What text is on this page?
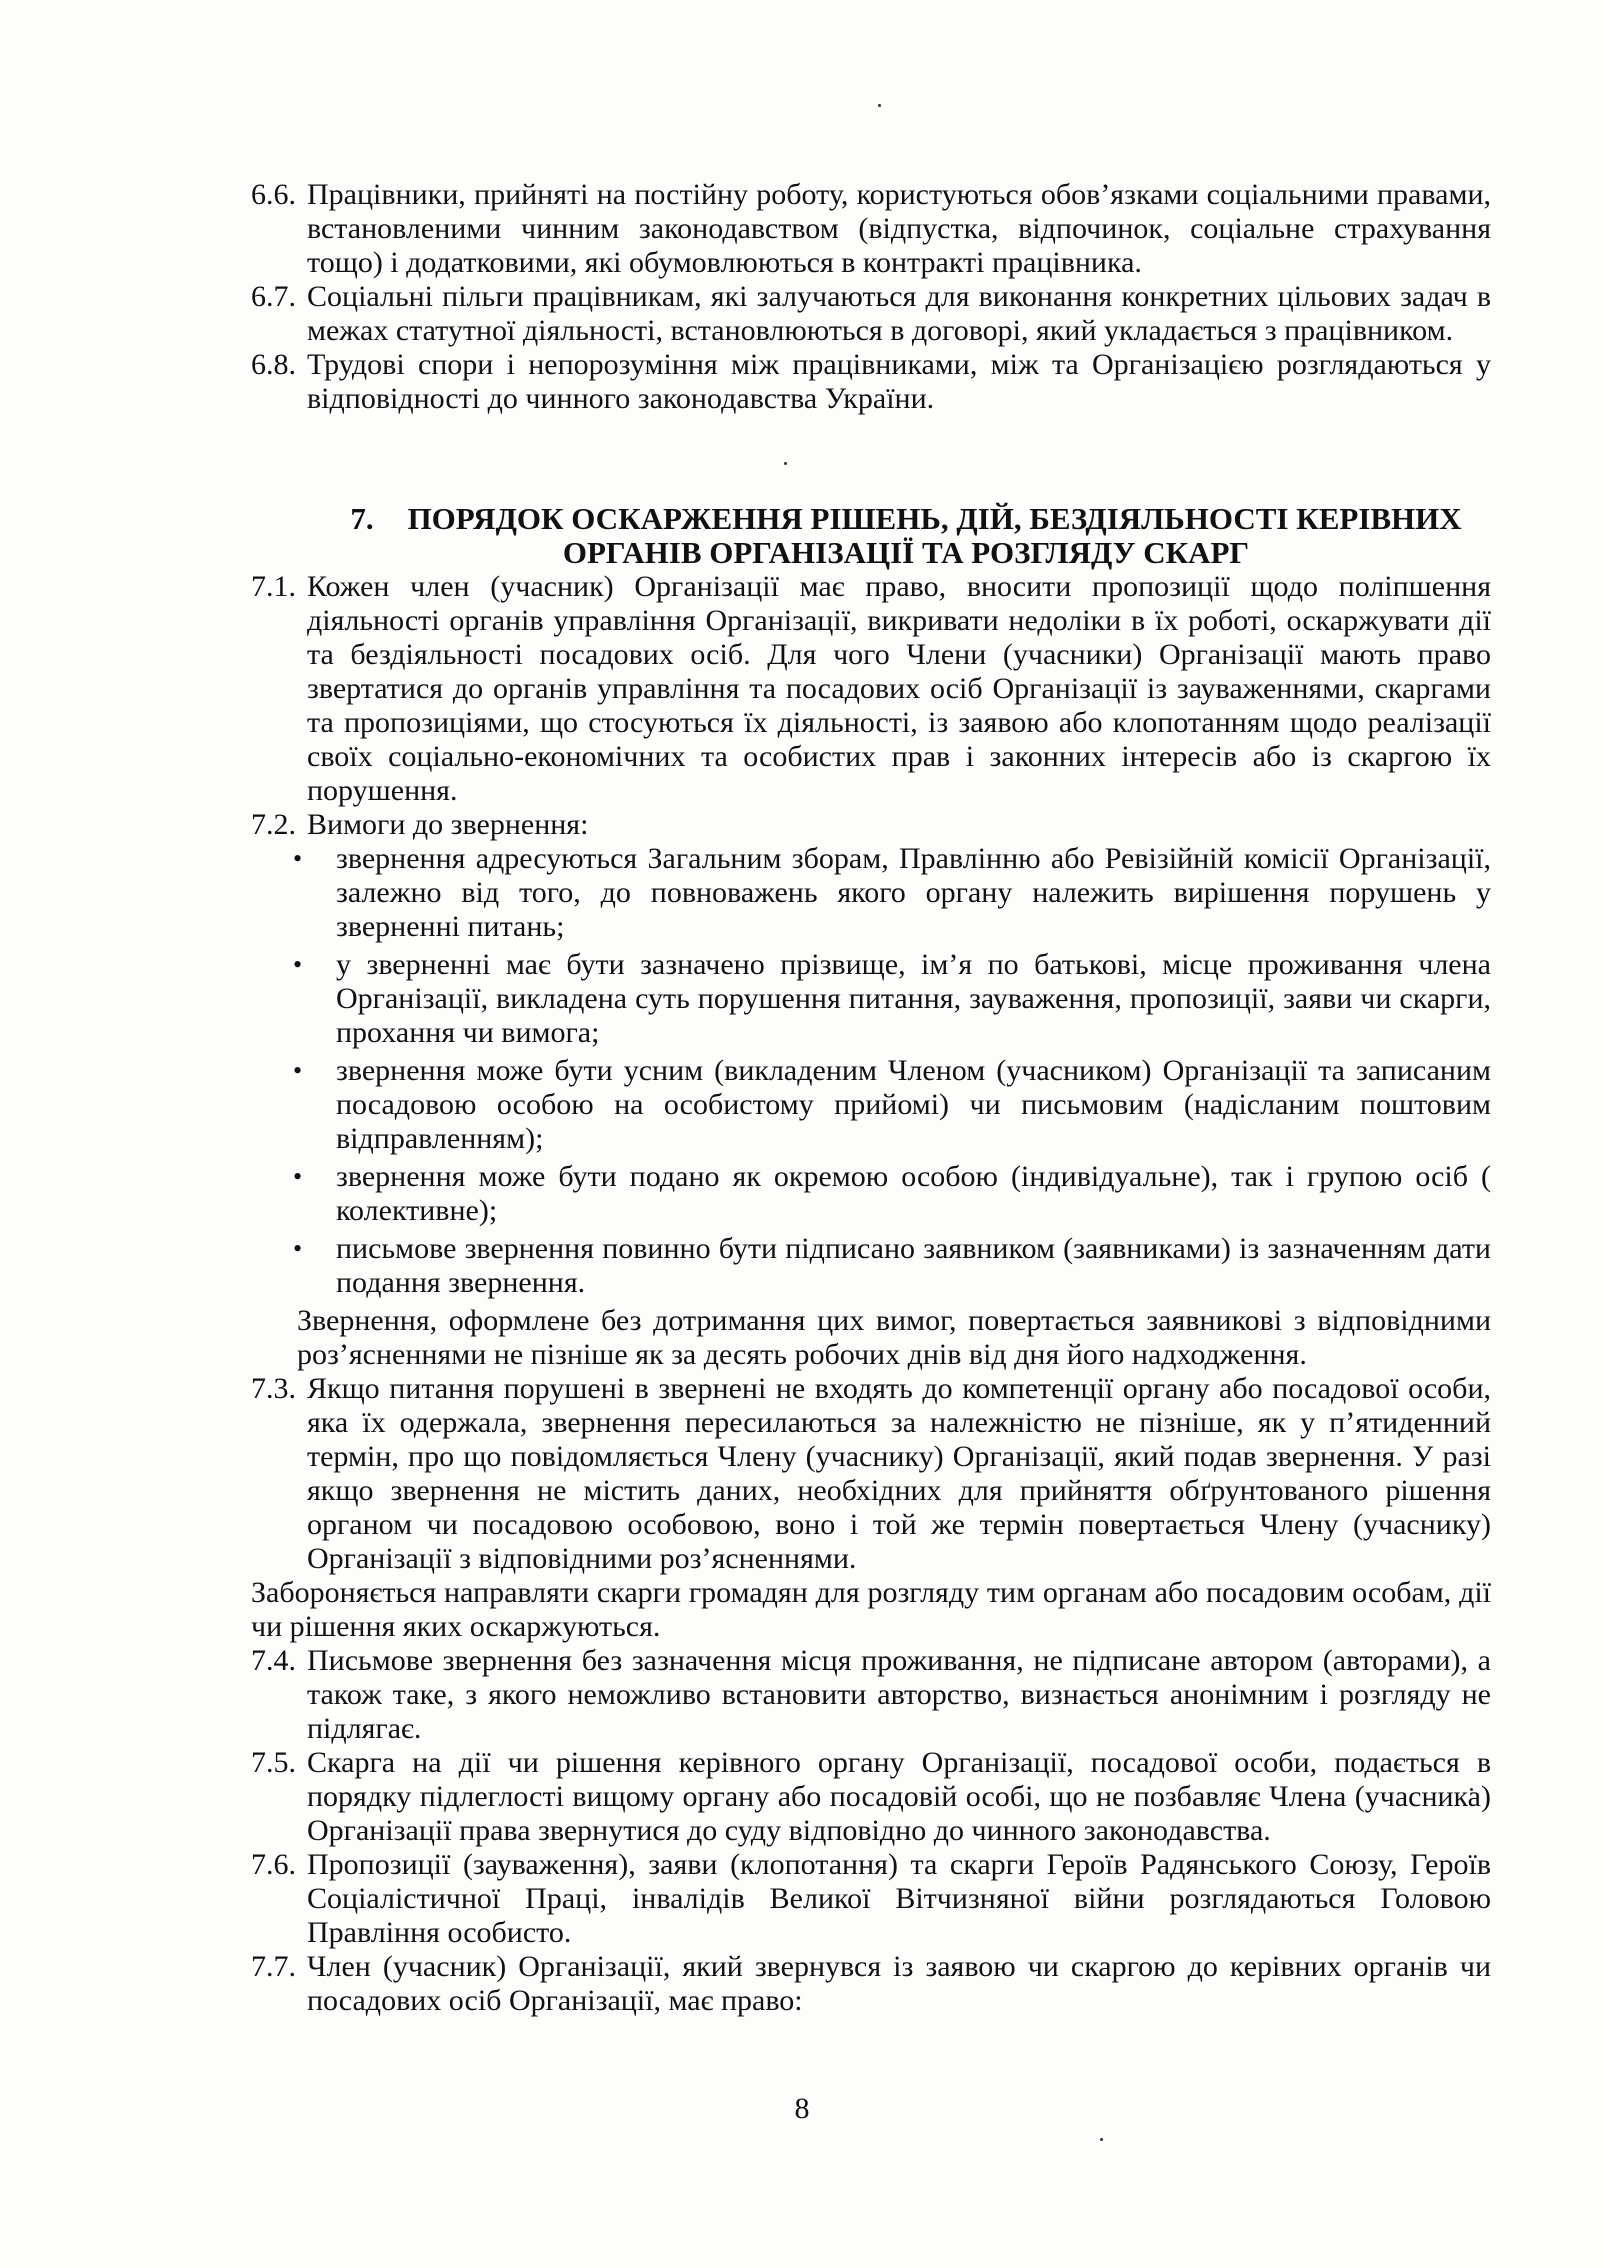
6.6. Працівники, прийняті на постійну роботу, користуються обов’язками соціальними правами, встановленими чинним законодавством (відпустка, відпочинок, соціальне страхування тощо) і додатковими, які обумовлюються в контракті працівника.
6.7. Соціальні пільги працівникам, які залучаються для виконання конкретних цільових задач в межах статутної діяльності, встановлюються в договорі, який укладається з працівником.
6.8. Трудові спори і непорозуміння між працівниками, між та Організацією розглядаються у відповідності до чинного законодавства України.
7. ПОРЯДОК ОСКАРЖЕННЯ РІШЕНЬ, ДІЙ, БЕЗДІЯЛЬНОСТІ КЕРІВНИХ
ОРГАНІВ ОРГАНІЗАЦІЇ ТА РОЗГЛЯДУ СКАРГ
7.1. Кожен член (учасник) Організації має право, вносити пропозиції щодо поліпшення діяльності органів управління Організації, викривати недоліки в їх роботі, оскаржувати дії та бездіяльності посадових осіб. Для чого Члени (учасники) Організації мають право звертатися до органів управління та посадових осіб Організації із зауваженнями, скаргами та пропозиціями, що стосуються їх діяльності, із заявою або клопотанням щодо реалізації своїх соціально-економічних та особистих прав і законних інтересів або із скаргою їх порушення.
7.2. Вимоги до звернення:
•	звернення адресуються Загальним зборам, Правлінню або Ревізійній комісії Організації, залежно від того, до повноважень якого органу належить вирішення порушень у зверненні питань;
•	у зверненні має бути зазначено прізвище, ім’я по батькові, місце проживання члена Організації, викладена суть порушення питання, зауваження, пропозиції, заяви чи скарги, прохання чи вимога;
•	звернення може бути усним (викладеним Членом (учасником) Організації та записаним посадовою особою на особистому прийомі) чи письмовим (надісланим поштовим відправленням);
•	звернення може бути подано як окремою особою (індивідуальне), так і групою осіб ( колективне);
•	письмове звернення повинно бути підписано заявником (заявниками) із зазначенням дати подання звернення.
Звернення, оформлене без дотримання цих вимог, повертається заявникові з відповідними роз’ясненнями не пізніше як за десять робочих днів від дня його надходження.
7.3. Якщо питання порушені в звернені не входять до компетенції органу або посадової особи, яка їх одержала, звернення пересилаються за належністю не пізніше, як у п’ятиденний термін, про що повідомляється Члену (учаснику) Організації, який подав звернення. У разі якщо звернення не містить даних, необхідних для прийняття обґрунтованого рішення органом чи посадовою особовою, воно і той же термін повертається Члену (учаснику) Організації з відповідними роз’ясненнями.
Забороняється направляти скарги громадян для розгляду тим органам або посадовим особам, дії чи рішення яких оскаржуються.
7.4. Письмове звернення без зазначення місця проживання, не підписане автором (авторами), а також таке, з якого неможливо встановити авторство, визнається анонімним і розгляду не підлягає.
7.5. Скарга на дії чи рішення керівного органу Організації, посадової особи, подається в порядку підлеглості вищому органу або посадовій особі, що не позбавляє Члена (учасника) Організації права звернутися до суду відповідно до чинного законодавства.
7.6. Пропозиції (зауваження), заяви (клопотання) та скарги Героїв Радянського Союзу, Героїв Соціалістичної Праці, інвалідів Великої Вітчизняної війни розглядаються Головою Правління особисто.
7.7. Член (учасник) Організації, який звернувся із заявою чи скаргою до керівних органів чи посадових осіб Організації, має право:
8
